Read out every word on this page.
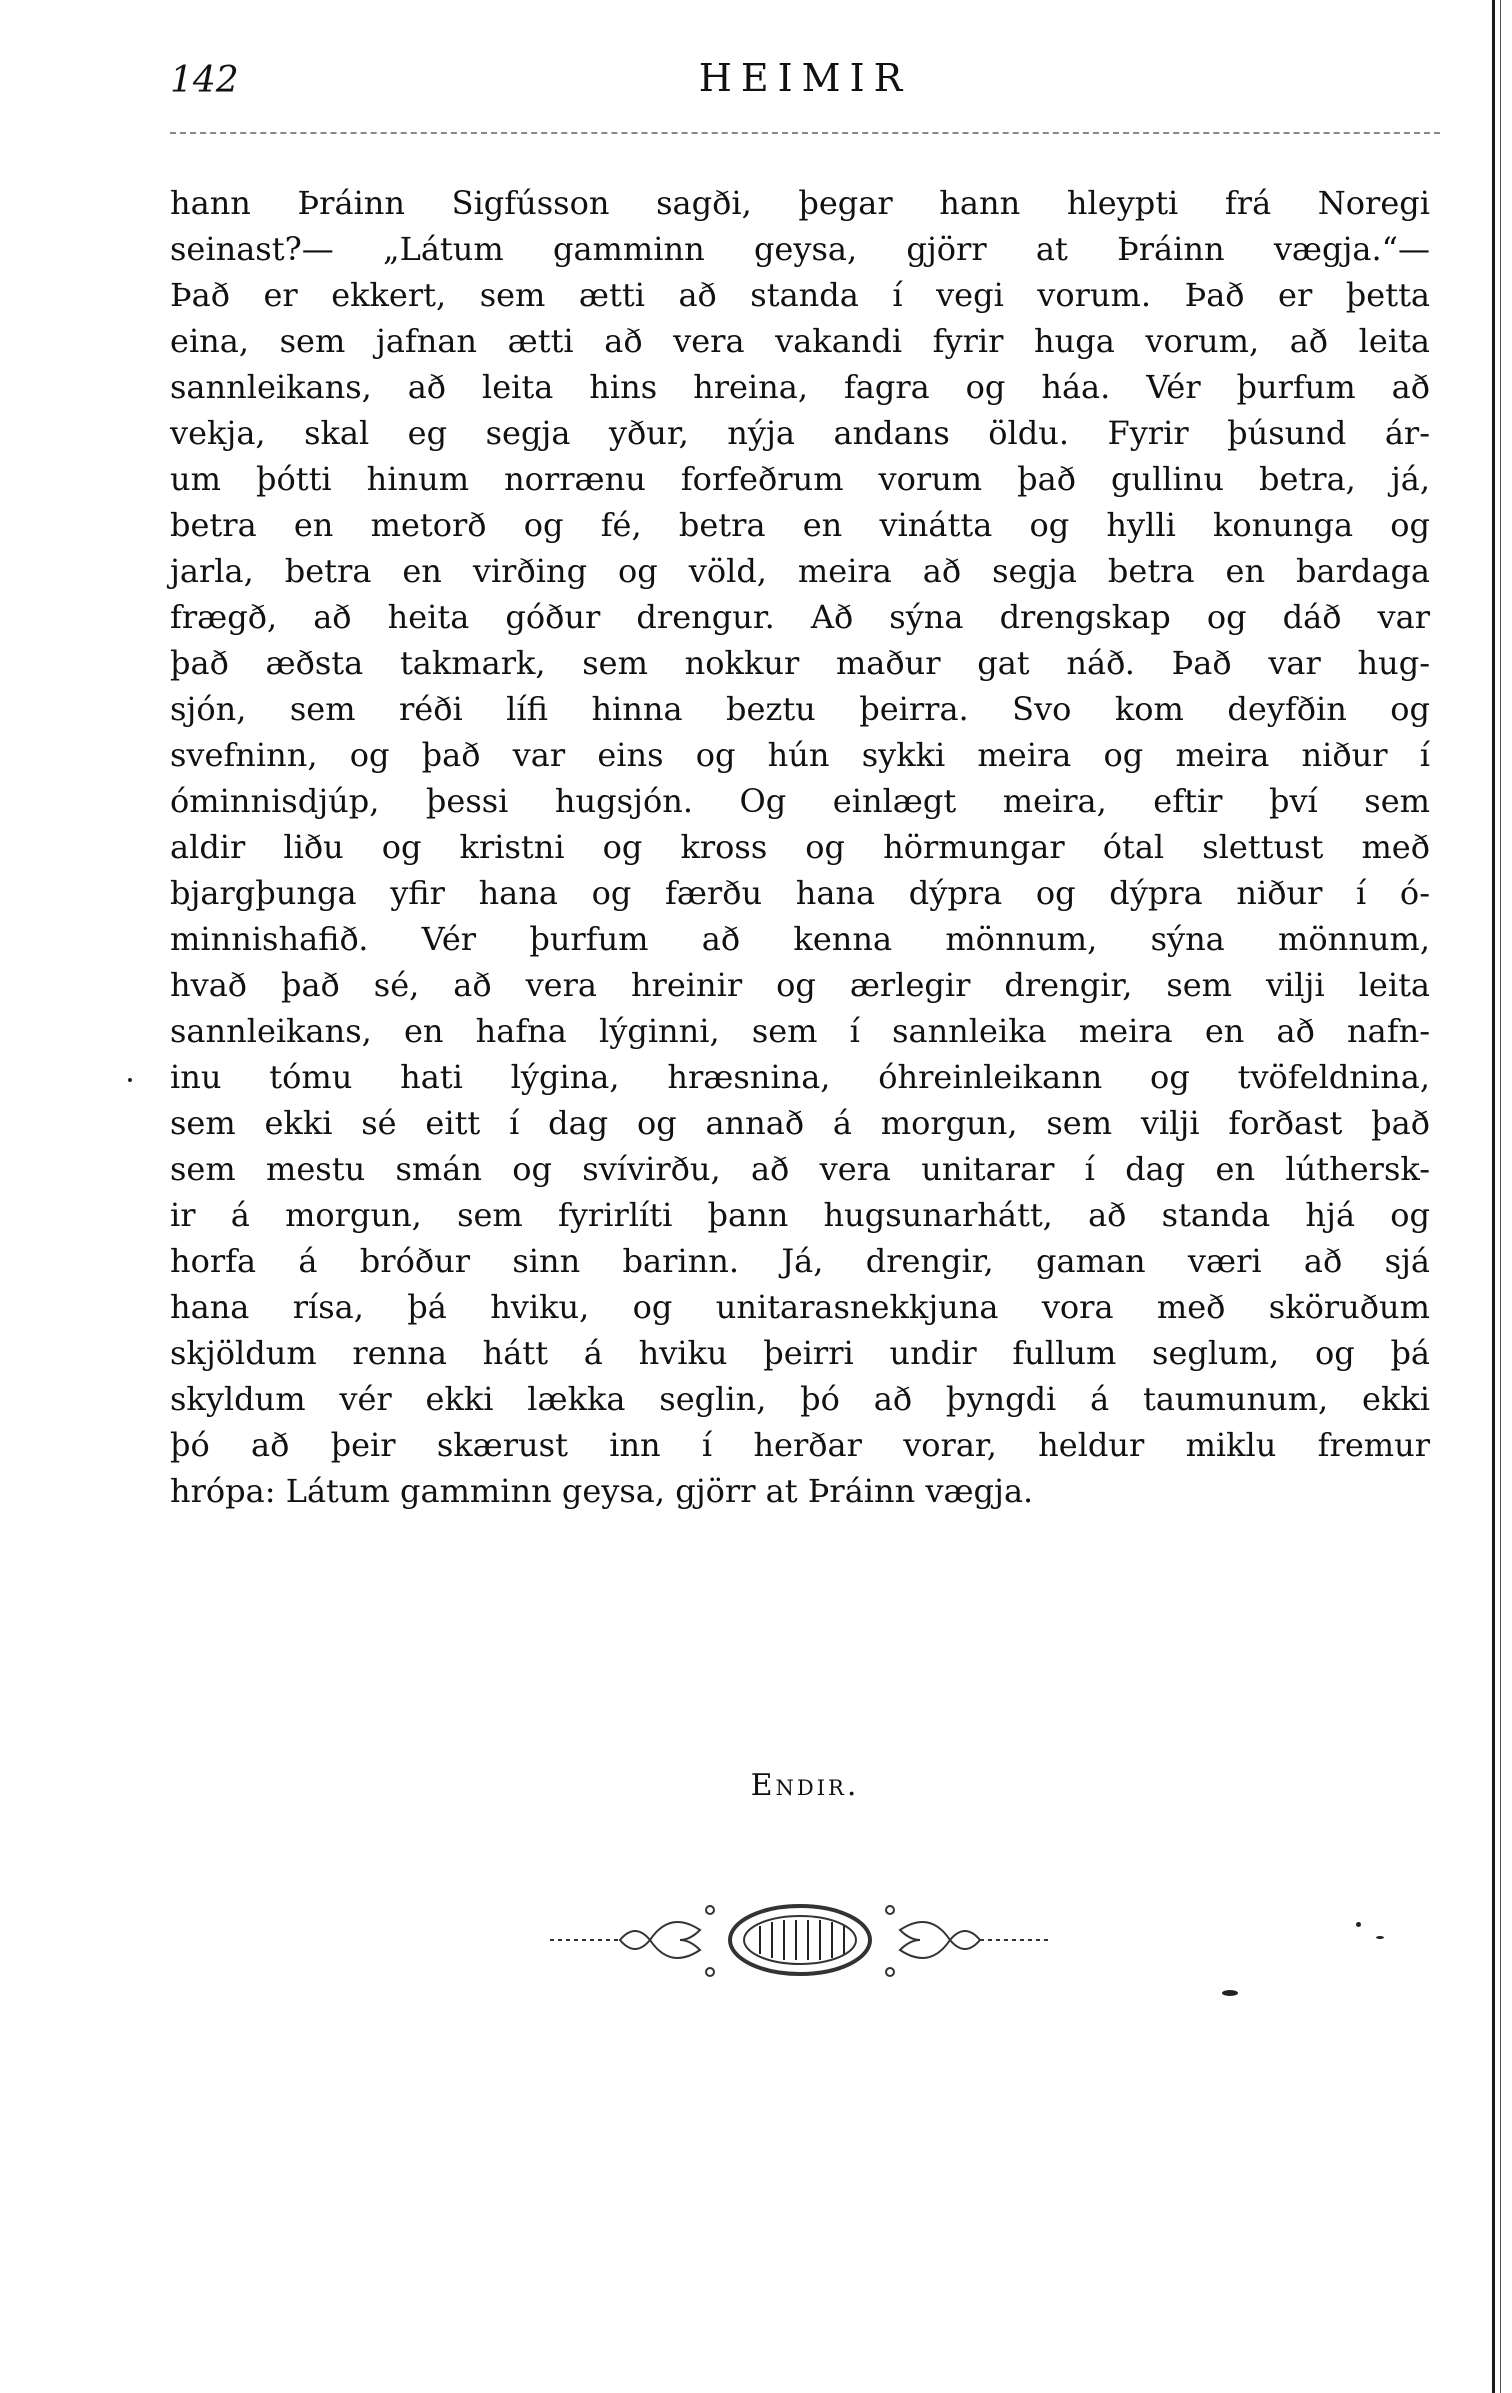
142	HEIMIR
hann Þráinn Sigfússon sagði, þegar hann hleypti frá Noregi
seinast?— „Látum gamminn geysa, gjörr at Þráinn vægja.“—
Það er ekkert, sem ætti að standa í vegi vorum. Það er þetta
eina, sem jafnan ætti að vera vakandi fyrir huga vorum, að leita
sannleikans, að leita hins hreina, fagra og háa. Vér þurfum að
vekja, skal eg segja yður, nýja andans öldu. Fyrir þúsund ár-
um þótti hinum norrænu forfeðrum vorum það gullinu betra, já,
betra en metorð og fé, betra en vinátta og hylli konunga og
jarla, betra en virðing og völd, meira að segja betra en bardaga
frægð, að heita góður drengur. Að sýna drengskap og dáð var
það æðsta takmark, sem nokkur maður gat náð. Það var hug-
sjón, sem réði lífi hinna beztu þeirra. Svo kom deyfðin og
svefninn, og það var eins og hún sykki meira og meira niður í
óminnisdjúp, þessi hugsjón. Og einlægt meira, eftir því sem
aldir liðu og kristni og kross og hörmungar ótal slettust með
bjargþunga yfir hana og færðu hana dýpra og dýpra niður í ó-
minnishafið. Vér þurfum að kenna mönnum, sýna mönnum,
hvað það sé, að vera hreinir og ærlegir drengir, sem vilji leita
sannleikans, en hafna lýginni, sem í sannleika meira en að nafn-
inu tómu hati lýgina, hræsnina, óhreinleikann og tvöfeldnina,
sem ekki sé eitt í dag og annað á morgun, sem vilji forðast það
sem mestu smán og svívirðu, að vera unitarar í dag en lúthersk-
ir á morgun, sem fyrirlíti þann hugsunarhátt, að standa hjá og
horfa á bróður sinn barinn. Já, drengir, gaman væri að sjá
hana rísa, þá hviku, og unitarasnekkjuna vora með sköruðum
skjöldum renna hátt á hviku þeirri undir fullum seglum, og þá
skyldum vér ekki lækka seglin, þó að þyngdi á taumunum, ekki
þó að þeir skærust inn í herðar vorar, heldur miklu fremur
hrópa: Látum gamminn geysa, gjörr at Þráinn vægja.
Endir.
